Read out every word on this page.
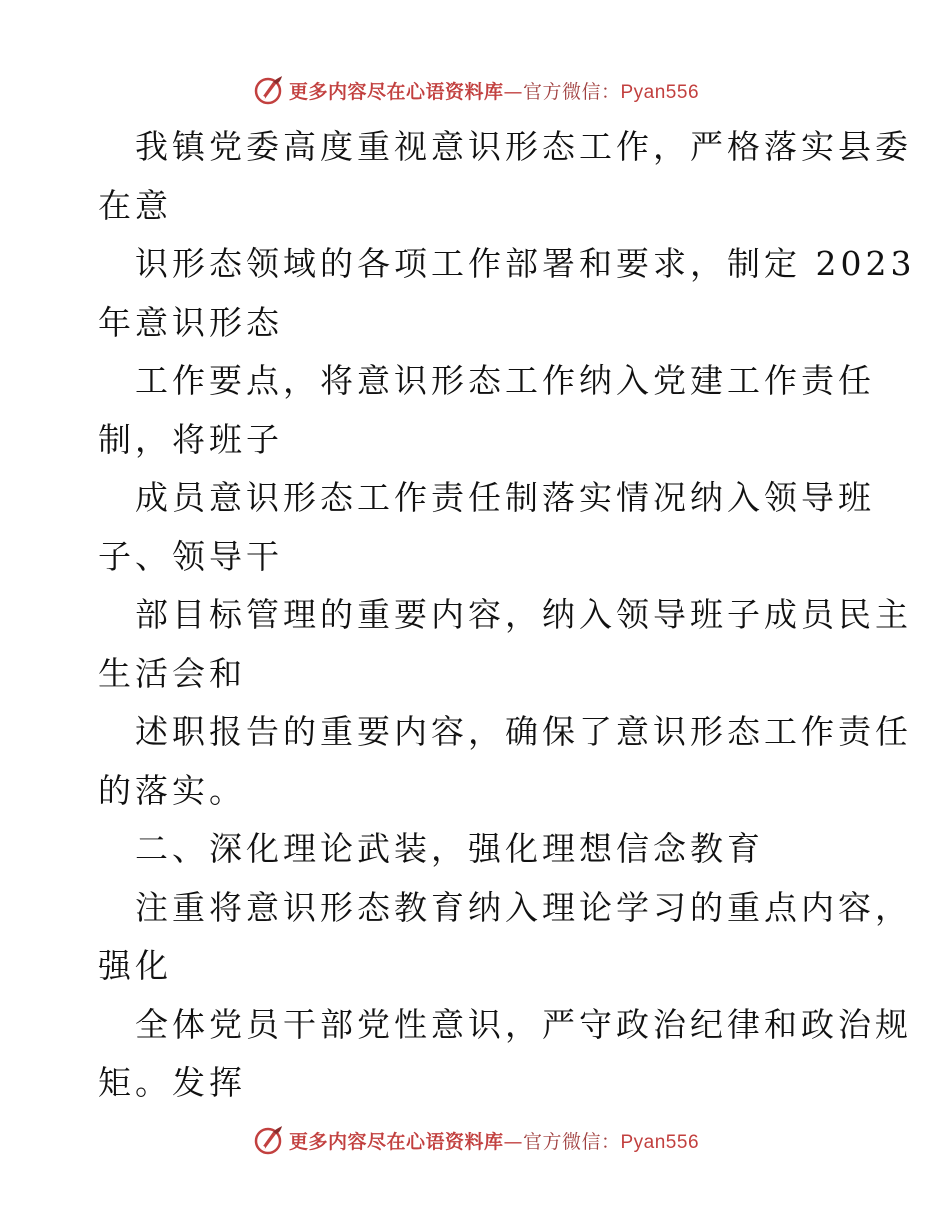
更多内容尽在心语资料库—官方微信：Pyan556
我镇党委高度重视意识形态工作，严格落实县委
在意
识形态领域的各项工作部署和要求，制定 2023
年意识形态
工作要点，将意识形态工作纳入党建工作责任
制，将班子
成员意识形态工作责任制落实情况纳入领导班
子、领导干
部目标管理的重要内容，纳入领导班子成员民主
生活会和
述职报告的重要内容，确保了意识形态工作责任
的落实。
二、深化理论武装，强化理想信念教育
注重将意识形态教育纳入理论学习的重点内容，
强化
全体党员干部党性意识，严守政治纪律和政治规
矩。发挥
更多内容尽在心语资料库—官方微信：Pyan556
